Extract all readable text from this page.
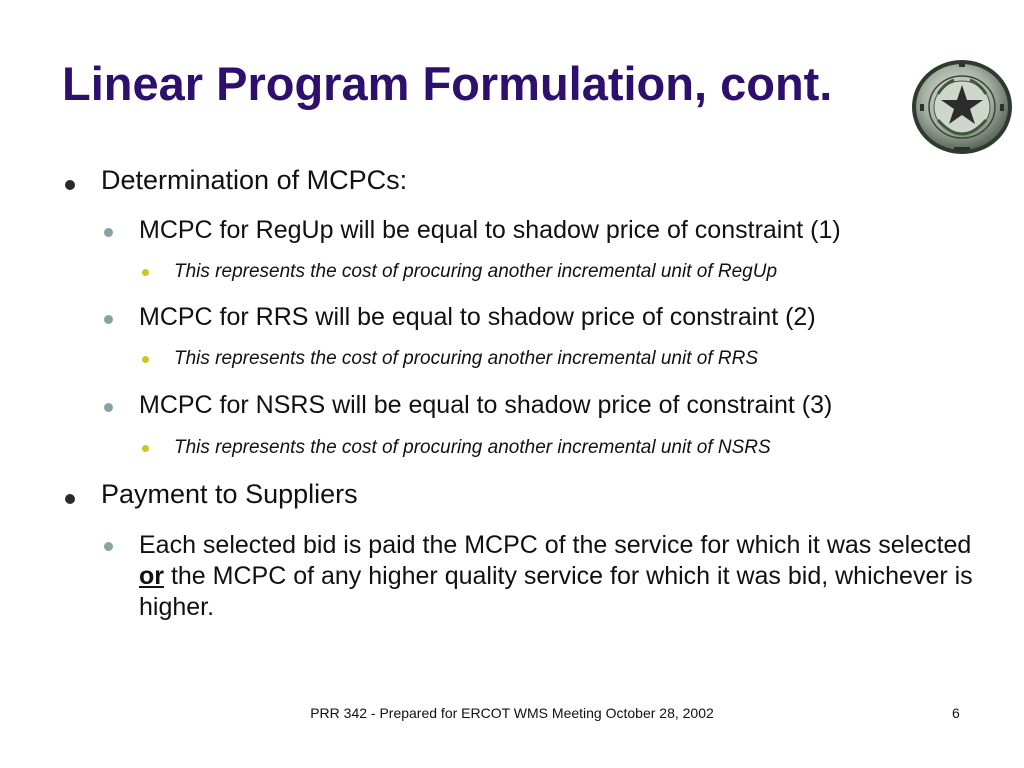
Linear Program Formulation, cont.
Determination of MCPCs:
MCPC for RegUp will be equal to shadow price of constraint (1)
This represents the cost of procuring another incremental unit of RegUp
MCPC for RRS will be equal to shadow price of constraint (2)
This represents the cost of procuring another incremental unit of RRS
MCPC for NSRS will be equal to shadow price of constraint (3)
This represents the cost of procuring another incremental unit of NSRS
Payment to Suppliers
Each selected bid is paid the MCPC of the service for which it was selected or the MCPC of any higher quality service for which it was bid, whichever is higher.
PRR 342 - Prepared for ERCOT WMS Meeting October 28, 2002	6
